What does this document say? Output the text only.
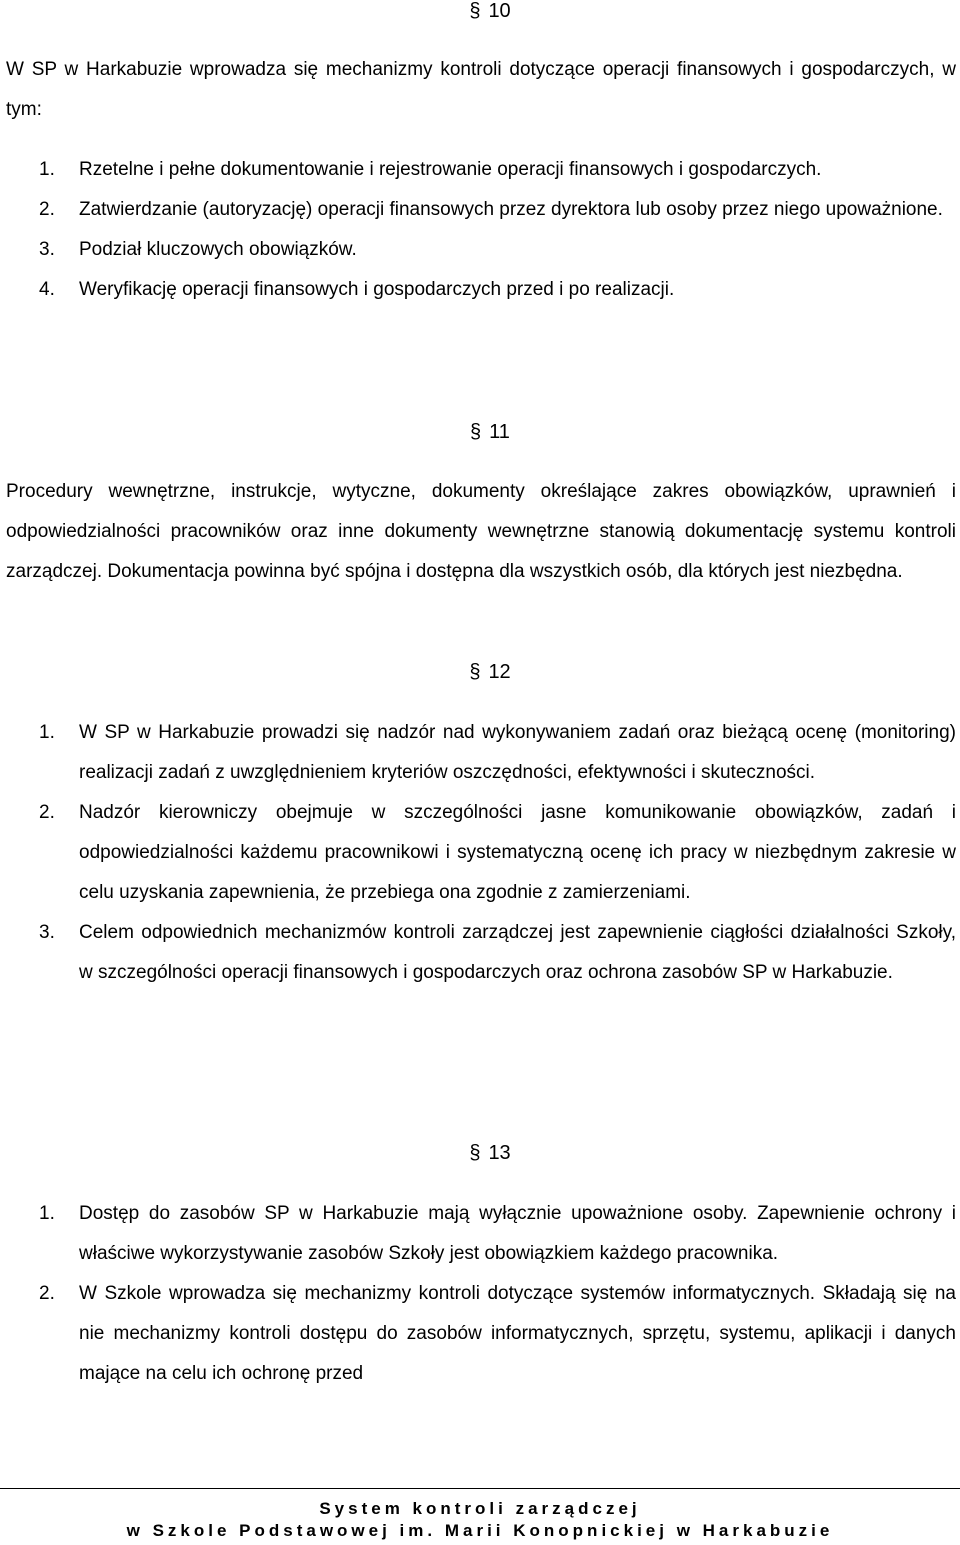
§ 10

W SP w Harkabuzie wprowadza się mechanizmy kontroli dotyczące operacji finansowych i gospodarczych, w tym:

1. Rzetelne i pełne dokumentowanie i rejestrowanie operacji finansowych i gospodarczych.
2. Zatwierdzanie (autoryzację) operacji finansowych przez dyrektora lub osoby przez niego upoważnione.
3. Podział kluczowych obowiązków.
4. Weryfikację operacji finansowych i gospodarczych przed i po realizacji.

§ 11

Procedury wewnętrzne, instrukcje, wytyczne, dokumenty określające zakres obowiązków, uprawnień i odpowiedzialności pracowników oraz inne dokumenty wewnętrzne stanowią dokumentację systemu kontroli zarządczej. Dokumentacja powinna być spójna i dostępna dla wszystkich osób, dla których jest niezbędna.

§ 12

1. W SP w Harkabuzie prowadzi się nadzór nad wykonywaniem zadań oraz bieżącą ocenę (monitoring) realizacji zadań z uwzględnieniem kryteriów oszczędności, efektywności i skuteczności.
2. Nadzór kierowniczy obejmuje w szczególności jasne komunikowanie obowiązków, zadań i odpowiedzialności każdemu pracownikowi i systematyczną ocenę ich pracy w niezbędnym zakresie w celu uzyskania zapewnienia, że przebiega ona zgodnie z zamierzeniami.
3. Celem odpowiednich mechanizmów kontroli zarządczej jest zapewnienie ciągłości działalności Szkoły, w szczególności operacji finansowych i gospodarczych oraz ochrona zasobów SP w Harkabuzie.

§ 13

1. Dostęp do zasobów SP w Harkabuzie mają wyłącznie upoważnione osoby. Zapewnienie ochrony i właściwe wykorzystywanie zasobów Szkoły jest obowiązkiem każdego pracownika.
2. W Szkole wprowadza się mechanizmy kontroli dotyczące systemów informatycznych. Składają się na nie mechanizmy kontroli dostępu do zasobów informatycznych, sprzętu, systemu, aplikacji i danych mające na celu ich ochronę przed

System kontroli zarządczej

w Szkole Podstawowej im. Marii Konopnickiej w Harkabuzie
